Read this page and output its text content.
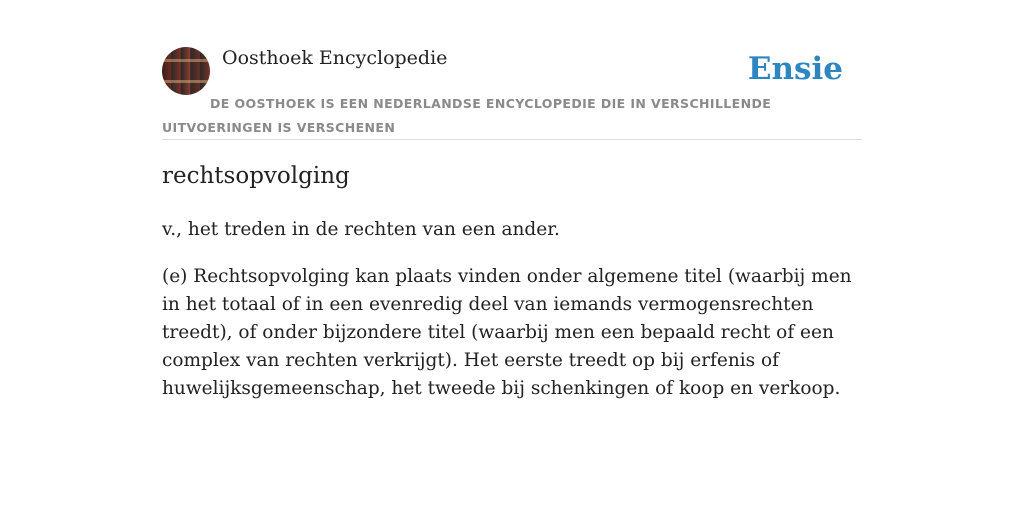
Oosthoek Encyclopedie	Ensie
DE OOSTHOEK IS EEN NEDERLANDSE ENCYCLOPEDIE DIE IN VERSCHILLENDE UITVOERINGEN IS VERSCHENEN
rechtsopvolging

v., het treden in de rechten van een ander.

(e) Rechtsopvolging kan plaats vinden onder algemene titel (waarbij men in het totaal of in een evenredig deel van iemands vermogensrechten treedt), of onder bijzondere titel (waarbij men een bepaald recht of een complex van rechten verkrijgt). Het eerste treedt op bij erfenis of huwelijksgemeenschap, het tweede bij schenkingen of koop en verkoop.
